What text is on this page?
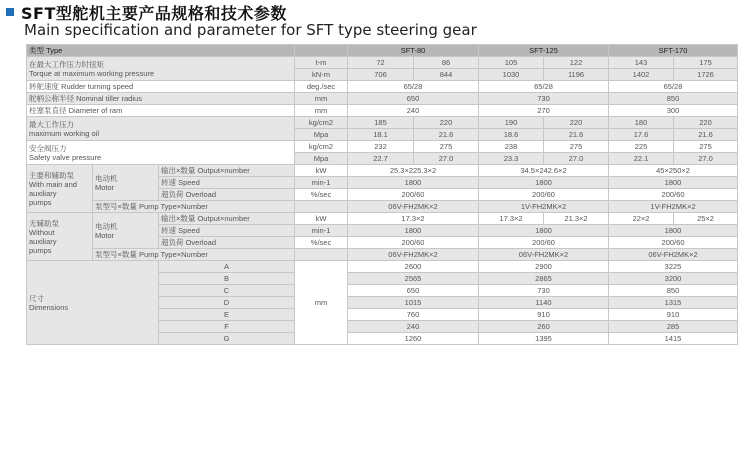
SFT型舵机主要产品规格和技术参数
Main specification and parameter for SFT type steering gear
类型 Type				SFT-80		SFT-125		SFT-170	

在最大工作压力时扭矩
Torque at maximum working pressure			t-m	72	86	105	122	143	175
			kN-m	706	844	1030	1196	1402	1726
转舵速度 Rudder turning speed			deg./sec	65/28		65/28		65/28	
舵柄公称半径 Nominal tiller radius			mm	650		730		850	
柱塞泵直径 Diameter of ram			mm	240		270		300	

最大工作压力
maximum working oil			kg/cm2	185	220	190	220	180	220
			Mpa	18.1	21.6	18.6	21.6	17.6	21.6

安全阀压力
Safety valve pressure			kg/cm2	232	275	238	275	225	275
			Mpa	22.7	27.0	23.3	27.0	22.1	27.0

主要和辅助泵
With main and
auxiliary
pumps	电动机
Motor	输出×数量 Output×number	kW	25.3×225.3×2		34.5×242.6×2		45×250×2	
		转速 Speed	min-1	1800		1800		1800	
		超负荷 Overload	%/sec	200/60		200/60		200/60	
	泵型号×数量 Pump Type×Number			06V-FH2MK×2		1V-FH2MK×2		1V-FH2MK×2	

无辅助泵
Without
auxiliary
pumps	电动机
Motor	输出×数量 Output×number	kW	17.3×2		17.3×2	21.3×2	22×2	25×2
		转速 Speed	min-1	1800		1800		1800	
		超负荷 Overload	%/sec	200/60		200/60		200/60	
	泵型号×数量 Pump Type×Number			06V-FH2MK×2		06V-FH2MK×2		06V-FH2MK×2	

尺寸
Dimensions		A	mm	2600		2900		3225	
		B		2565		2865		3200	
		C		650		730		850	
		D		1015		1140		1315	
		E		760		910		910	
		F		240		260		285	
		G		1260		1395		1415	
